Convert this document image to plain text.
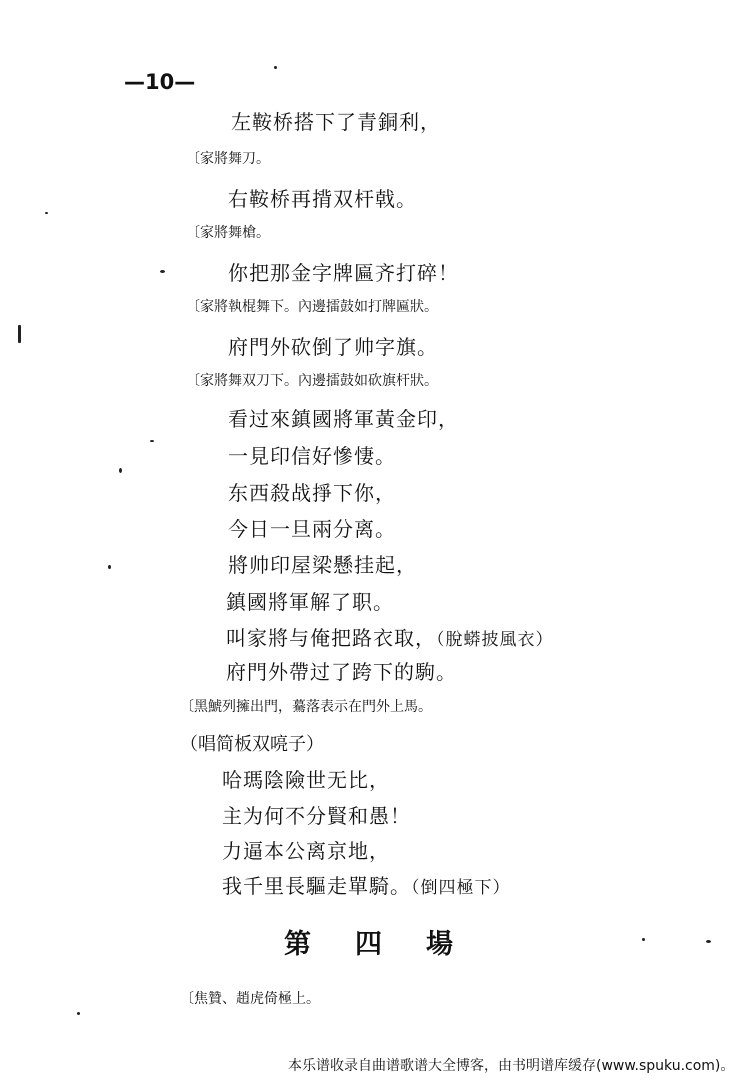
—10—
左鞍桥搭下了青銅利，
〔家將舞刀。
右鞍桥再揹双杆戟。
〔家將舞槍。
你把那金字牌匾齐打碎！
〔家將執棍舞下。內邊擂鼓如打牌匾狀。
府門外砍倒了帅字旗。
〔家將舞双刀下。內邊擂鼓如砍旗杆狀。
看过來鎮國將軍黃金印，
一見印信好慘悽。
东西殺战掙下你，
今日一旦兩分离。
將帅印屋梁懸挂起，
鎮國將軍解了职。
叫家將与俺把路衣取，（脫蟒披風衣）
府門外帶过了跨下的駒。
〔黑鯱列擁出門，驀落表示在門外上馬。
（唱简板双喨子）
哈瑪陰險世无比，
主为何不分賢和愚！
力逼本公离京地，
我千里長驅走單騎。（倒四極下）
第四場
〔焦贊、趙虎倚極上。
本乐谱收录自曲谱歌谱大全博客，由书明谱库缓存(www.spuku.com)。
